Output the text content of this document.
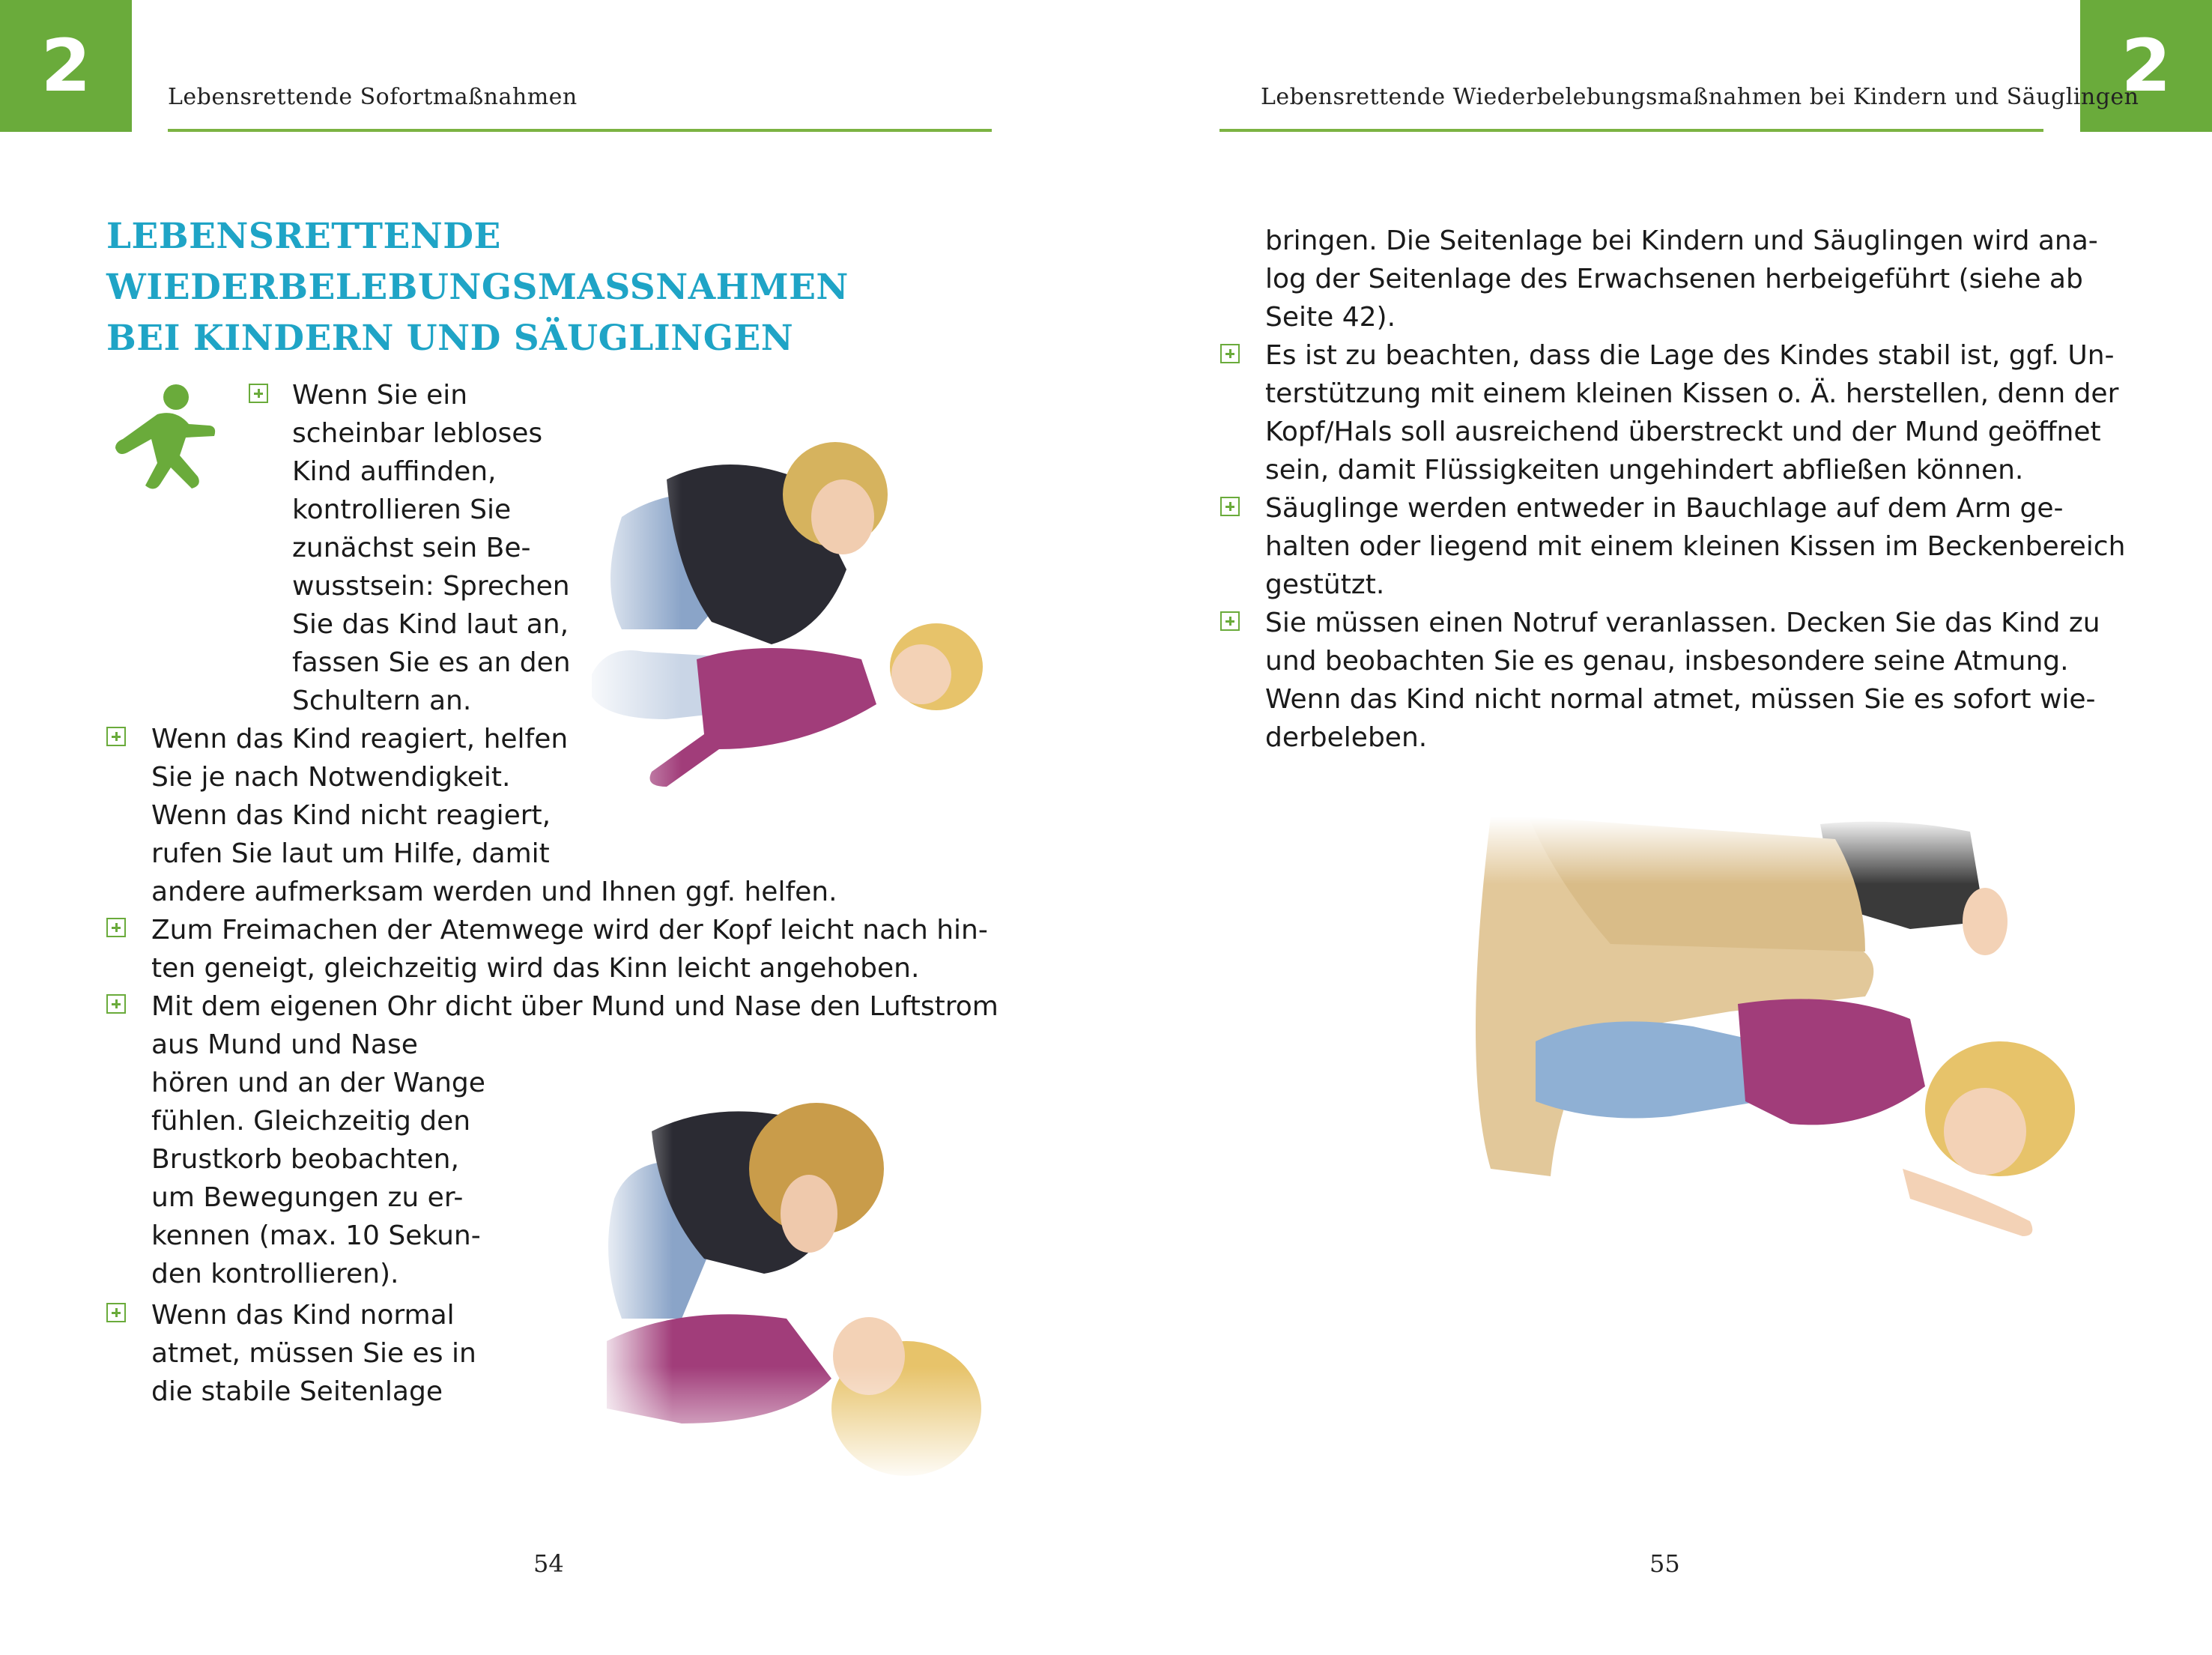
2	Lebensrettende Sofortmaßnahmen
LEBENSRETTENDE
WIEDERBELEBUNGSMASSNAHMEN
BEI KINDERN UND SÄUGLINGEN
Wenn Sie ein
scheinbar lebloses
Kind auffinden,
kontrollieren Sie
zunächst sein Be-
wusstsein: Sprechen
Sie das Kind laut an,
fassen Sie es an den
Schultern an.
Wenn das Kind reagiert, helfen
Sie je nach Notwendigkeit.
Wenn das Kind nicht reagiert,
rufen Sie laut um Hilfe, damit
andere aufmerksam werden und Ihnen ggf. helfen.
Zum Freimachen der Atemwege wird der Kopf leicht nach hin-
ten geneigt, gleichzeitig wird das Kinn leicht angehoben.
Mit dem eigenen Ohr dicht über Mund und Nase den Luftstrom
aus Mund und Nase
hören und an der Wange
fühlen. Gleichzeitig den
Brustkorb beobachten,
um Bewegungen zu er-
kennen (max. 10 Sekun-
den kontrollieren).
Wenn das Kind normal
atmet, müssen Sie es in
die stabile Seitenlage
54
2
Lebensrettende Wiederbelebungsmaßnahmen bei Kindern und Säuglingen
bringen. Die Seitenlage bei Kindern und Säuglingen wird ana-
log der Seitenlage des Erwachsenen herbeigeführt (siehe ab
Seite 42).
Es ist zu beachten, dass die Lage des Kindes stabil ist, ggf. Un-
terstützung mit einem kleinen Kissen o. Ä. herstellen, denn der
Kopf/Hals soll ausreichend überstreckt und der Mund geöffnet
sein, damit Flüssigkeiten ungehindert abfließen können.
Säuglinge werden entweder in Bauchlage auf dem Arm ge-
halten oder liegend mit einem kleinen Kissen im Beckenbereich
gestützt.
Sie müssen einen Notruf veranlassen. Decken Sie das Kind zu
und beobachten Sie es genau, insbesondere seine Atmung.
Wenn das Kind nicht normal atmet, müssen Sie es sofort wie-
derbeleben.
55
